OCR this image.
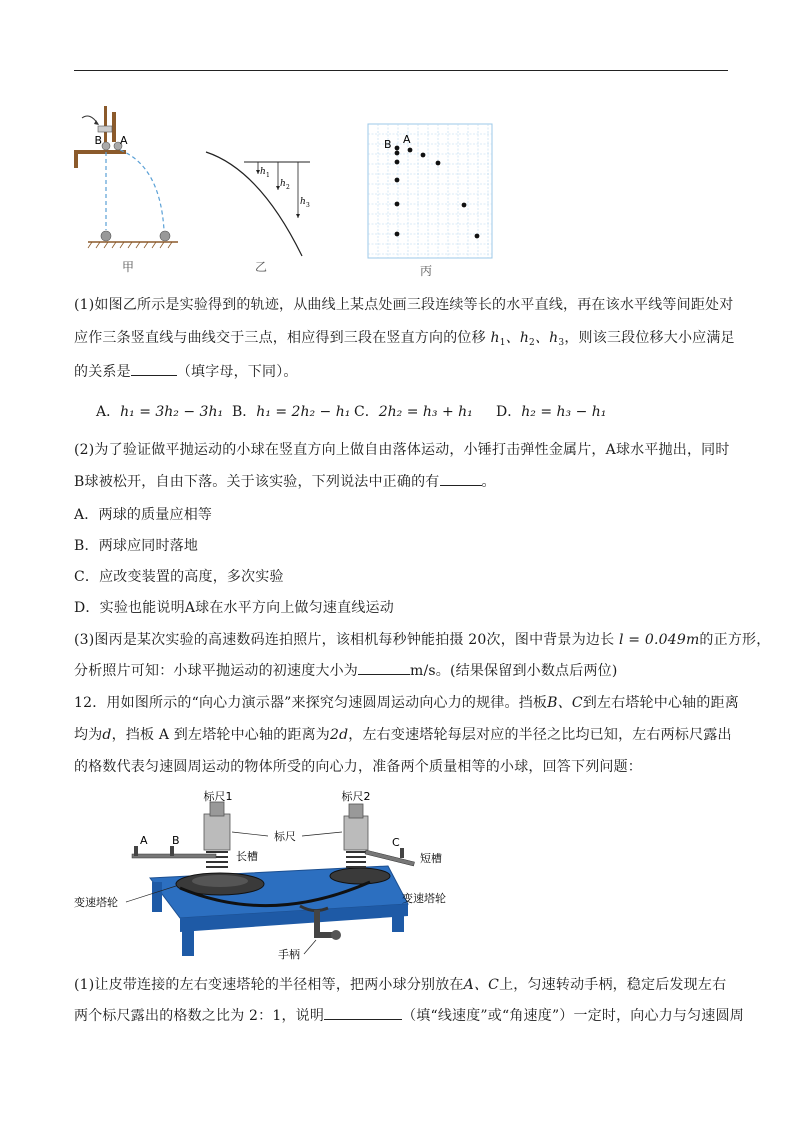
B A
甲
h 1
h 2
h 3
乙
B A
丙
(1)如图乙所示是实验得到的轨迹，从曲线上某点处画三段连续等长的水平直线，再在该水平线等间距处对
应作三条竖直线与曲线交于三点，相应得到三段在竖直方向的位移 $h_1$、$h_2$、$h_3$，则该三段位移大小应满足
的关系是	（填字母，下同）。
A．h₁ = 3h₂ − 3h₁ B．h₁ = 2h₂ − h₁ C．2h₂ = h₃ + h₁ D．h₂ = h₃ − h₁
(2)为了验证做平抛运动的小球在竖直方向上做自由落体运动，小锤打击弹性金属片，A球水平抛出，同时
B球被松开，自由下落。关于该实验，下列说法中正确的有	。
A．两球的质量应相等
B．两球应同时落地
C．应改变装置的高度，多次实验
D．实验也能说明A球在水平方向上做匀速直线运动
(3)图丙是某次实验的高速数码连拍照片，该相机每秒钟能拍摄 20次，图中背景为边长 l = 0.049m的正方形，
分析照片可知：小球平抛运动的初速度大小为	m/s。(结果保留到小数点后两位)
12．用如图所示的“向心力演示器”来探究匀速圆周运动向心力的规律。挡板B、C到左右塔轮中心轴的距离
均为d，挡板 A 到左塔轮中心轴的距离为2d，左右变速塔轮每层对应的半径之比均已知，左右两标尺露出
的格数代表匀速圆周运动的物体所受的向心力，准备两个质量相等的小球，回答下列问题：
标尺1	标尺2
标尺
长槽	短槽
变速塔轮	变速塔轮
手柄
A B	C
(1)让皮带连接的左右变速塔轮的半径相等，把两小球分别放在A、C上，匀速转动手柄，稳定后发现左右
两个标尺露出的格数之比为 2：1，说明	（填“线速度”或“角速度”）一定时，向心力与匀速圆周
